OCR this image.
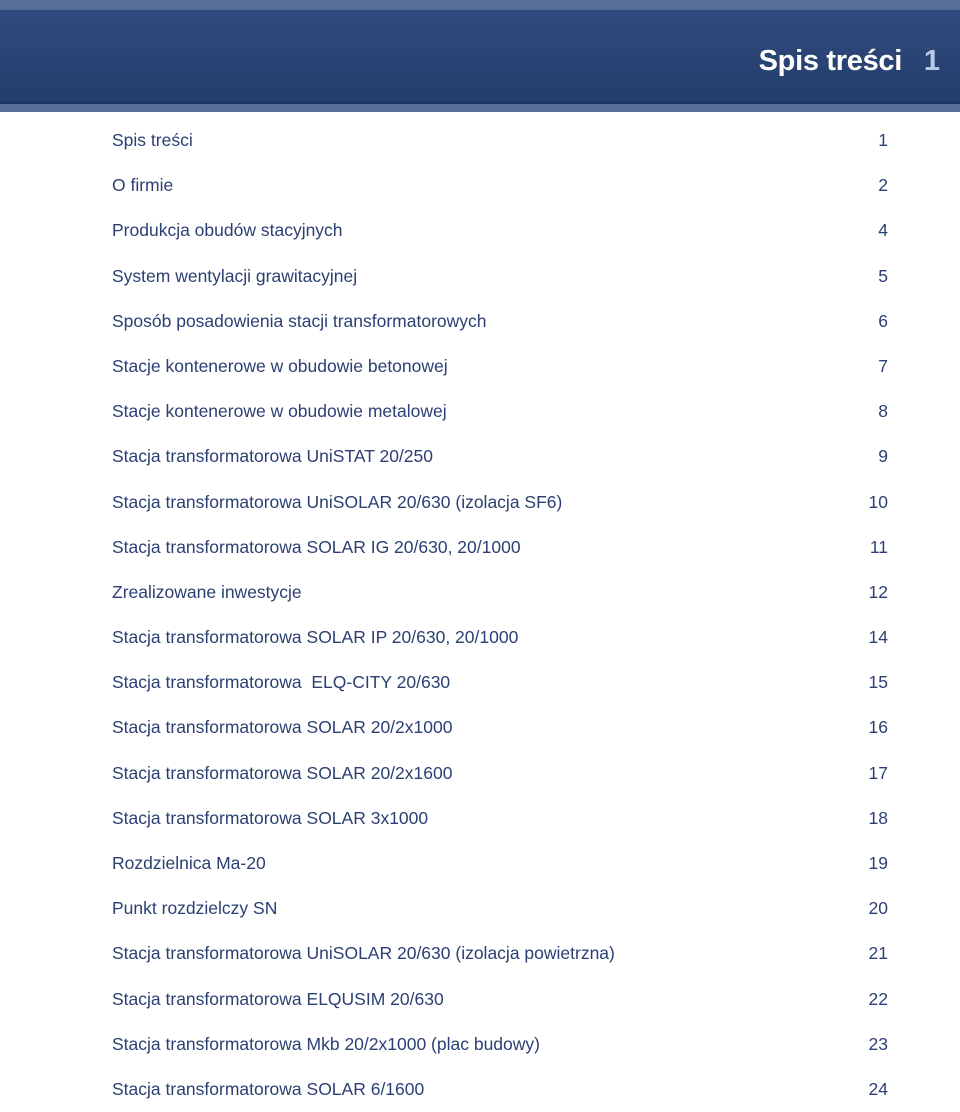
Spis treści 1
Spis treści	1
O firmie	2
Produkcja obudów stacyjnych	4
System wentylacji grawitacyjnej	5
Sposób posadowienia stacji transformatorowych	6
Stacje kontenerowe w obudowie betonowej	7
Stacje kontenerowe w obudowie metalowej	8
Stacja transformatorowa UniSTAT 20/250	9
Stacja transformatorowa UniSOLAR 20/630 (izolacja SF6)	10
Stacja transformatorowa SOLAR IG 20/630, 20/1000	11
Zrealizowane inwestycje	12
Stacja transformatorowa SOLAR IP 20/630, 20/1000	14
Stacja transformatorowa  ELQ-CITY 20/630	15
Stacja transformatorowa SOLAR 20/2x1000	16
Stacja transformatorowa SOLAR 20/2x1600	17
Stacja transformatorowa SOLAR 3x1000	18
Rozdzielnica Ma-20	19
Punkt rozdzielczy SN	20
Stacja transformatorowa UniSOLAR 20/630 (izolacja powietrzna)	21
Stacja transformatorowa ELQUSIM 20/630	22
Stacja transformatorowa Mkb 20/2x1000 (plac budowy)	23
Stacja transformatorowa SOLAR 6/1600	24
